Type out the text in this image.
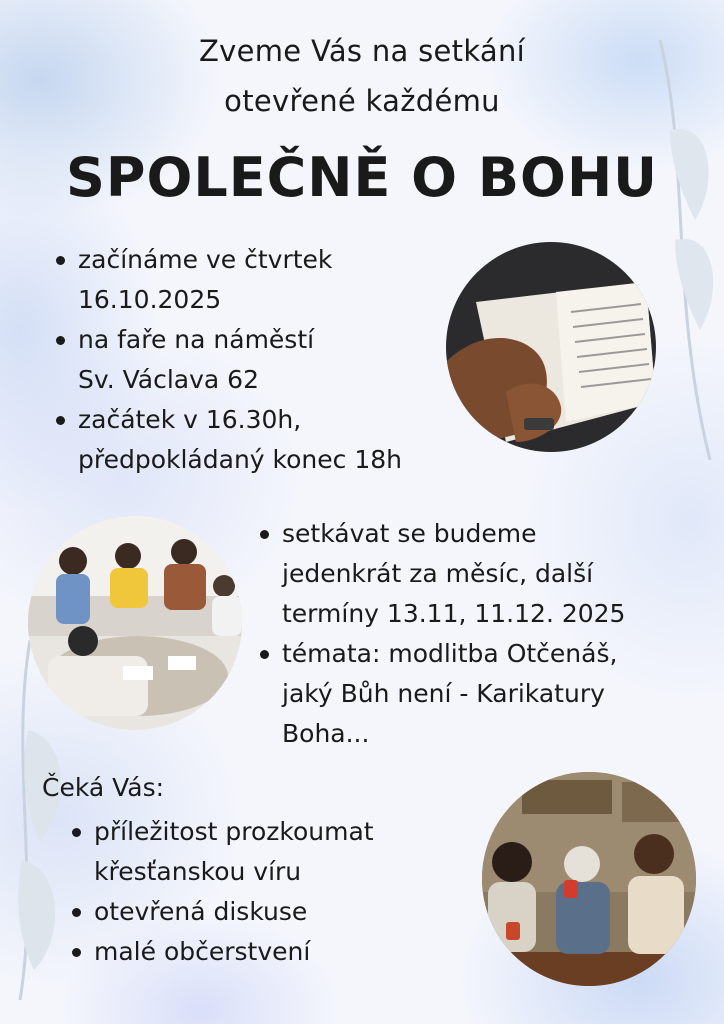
Zveme Vás na setkání
otevřené každému
SPOLEČNĚ O BOHU
začínáme ve čtvrtek
16.10.2025
na faře na náměstí
Sv. Václava 62
začátek v 16.30h,
předpokládaný konec 18h
setkávat se budeme
jedenkrát za měsíc, další
termíny 13.11, 11.12. 2025
témata: modlitba Otčenáš,
jaký Bůh není - Karikatury
Boha...
Čeká Vás:
příležitost prozkoumat
křesťanskou víru
otevřená diskuse
malé občerstvení
